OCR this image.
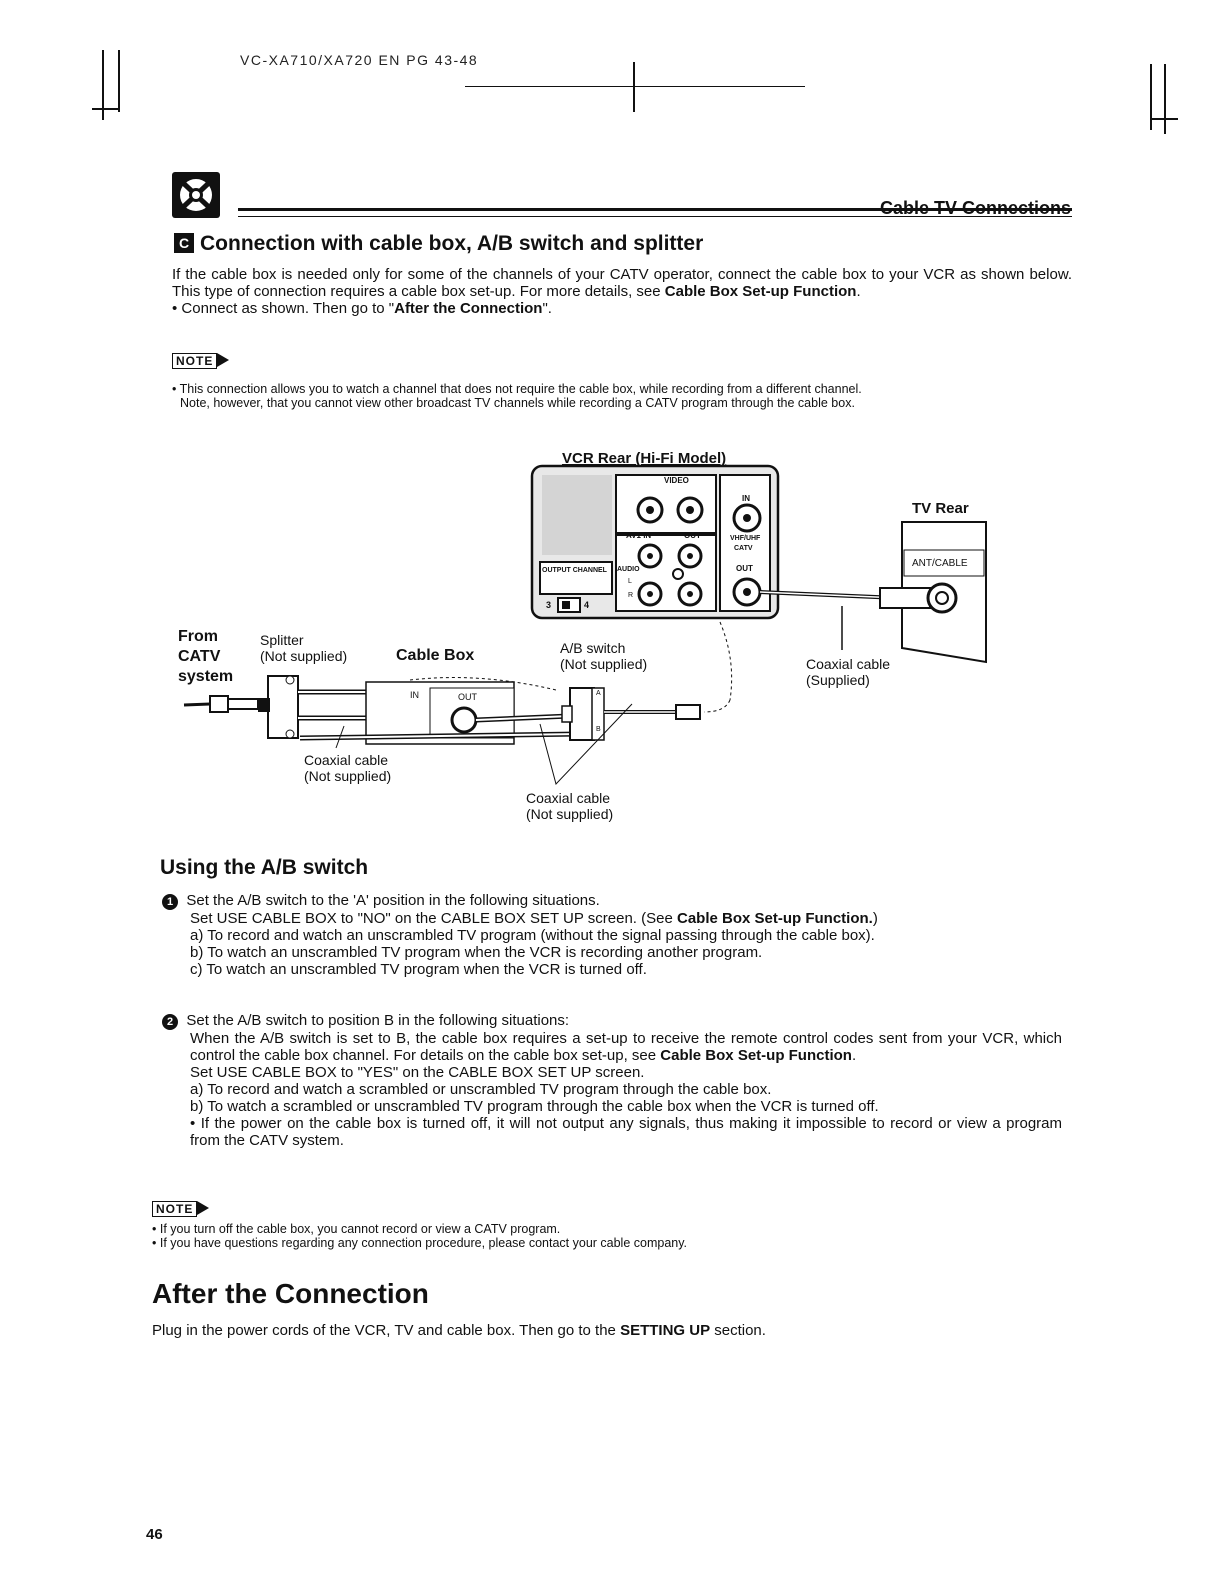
VC-XA710/XA720 EN PG 43-48
Cable TV Connections
C Connection with cable box, A/B switch and splitter
If the cable box is needed only for some of the channels of your CATV operator, connect the cable box to your VCR as shown below. This type of connection requires a cable box set-up. For more details, see Cable Box Set-up Function.
• Connect as shown. Then go to "After the Connection".
NOTE
• This connection allows you to watch a channel that does not require the cable box, while recording from a different channel.
Note, however, that you cannot view other broadcast TV channels while recording a CATV program through the cable box.
VIDEO
AV1 IN	OUT
IN
VHF/UHF
CATV
OUT
OUTPUT CHANNEL	AUDIO
L
R
3	4
IN	OUT	A
B
ANT/CABLE
VCR Rear (Hi-Fi Model)
TV Rear
From
CATV
system
Splitter
(Not supplied)	Cable Box	A/B switch
(Not supplied)	Coaxial cable
(Supplied)
Coaxial cable
(Not supplied)
Coaxial cable
(Not supplied)
Using the A/B switch
1 Set the A/B switch to the 'A' position in the following situations.
Set USE CABLE BOX to "NO" on the CABLE BOX SET UP screen. (See Cable Box Set-up Function.)
a) To record and watch an unscrambled TV program (without the signal passing through the cable box).
b) To watch an unscrambled TV program when the VCR is recording another program.
c) To watch an unscrambled TV program when the VCR is turned off.
2 Set the A/B switch to position B in the following situations:
When the A/B switch is set to B, the cable box requires a set-up to receive the remote control codes sent from your VCR, which control the cable box channel. For details on the cable box set-up, see Cable Box Set-up Function.
Set USE CABLE BOX to "YES" on the CABLE BOX SET UP screen.
a) To record and watch a scrambled or unscrambled TV program through the cable box.
b) To watch a scrambled or unscrambled TV program through the cable box when the VCR is turned off.
• If the power on the cable box is turned off, it will not output any signals, thus making it impossible to record or view a program from the CATV system.
NOTE
• If you turn off the cable box, you cannot record or view a CATV program.
• If you have questions regarding any connection procedure, please contact your cable company.
After the Connection
Plug in the power cords of the VCR, TV and cable box. Then go to the SETTING UP section.
46
